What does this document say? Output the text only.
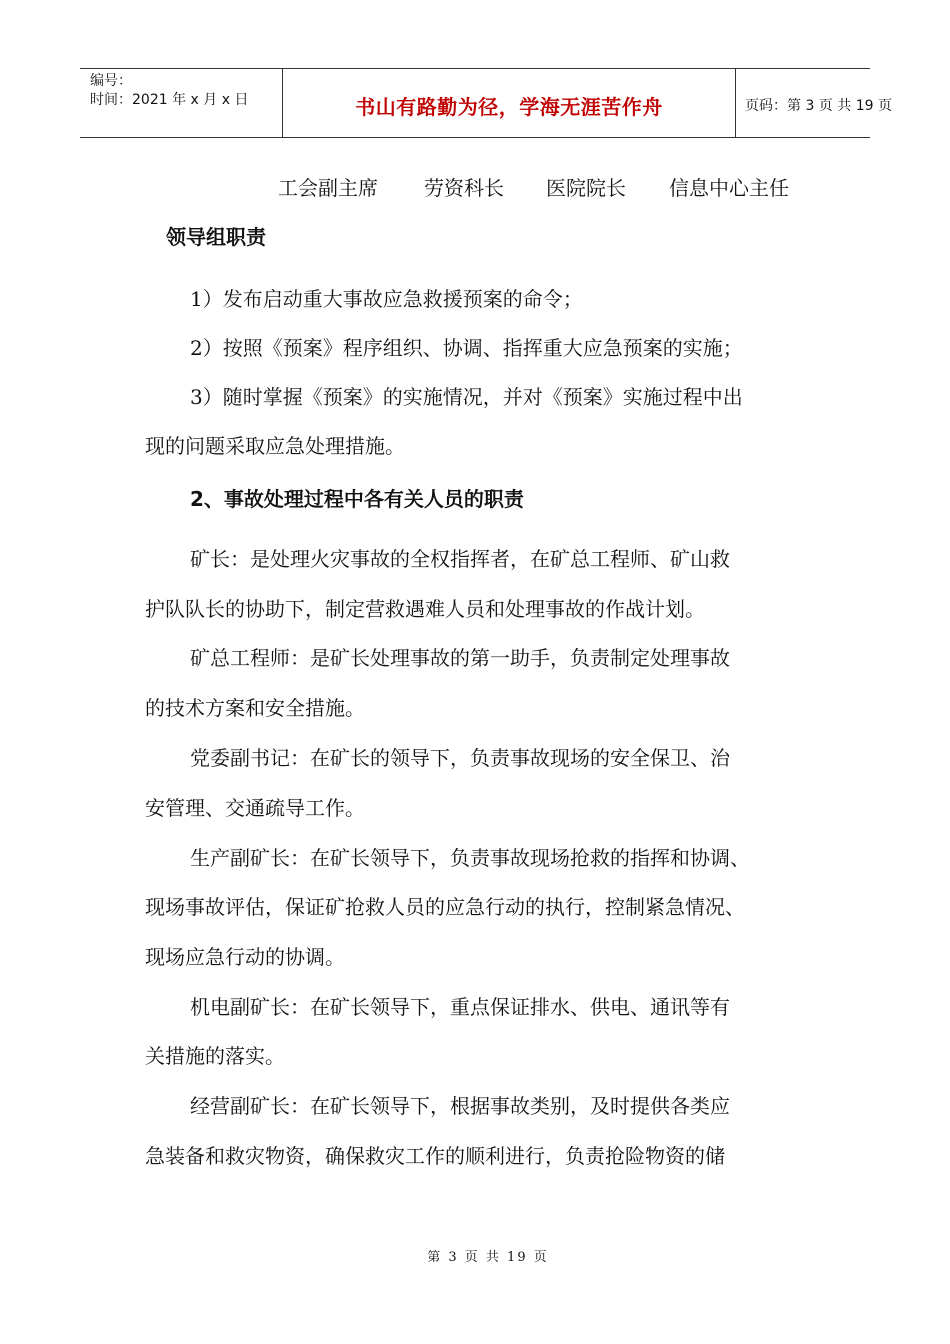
编号：
时间：2021 年 x 月 x 日	书山有路勤为径，学海无涯苦作舟	页码：第 3 页 共 19 页
工会副主席 劳资科长 医院院长 信息中心主任
领导组职责
1）发布启动重大事故应急救援预案的命令；
2）按照《预案》程序组织、协调、指挥重大应急预案的实施；
3）随时掌握《预案》的实施情况，并对《预案》实施过程中出
现的问题采取应急处理措施。
2、事故处理过程中各有关人员的职责
矿长：是处理火灾事故的全权指挥者，在矿总工程师、矿山救
护队队长的协助下，制定营救遇难人员和处理事故的作战计划。
矿总工程师：是矿长处理事故的第一助手，负责制定处理事故
的技术方案和安全措施。
党委副书记：在矿长的领导下，负责事故现场的安全保卫、治
安管理、交通疏导工作。
生产副矿长：在矿长领导下，负责事故现场抢救的指挥和协调、
现场事故评估，保证矿抢救人员的应急行动的执行，控制紧急情况、
现场应急行动的协调。
机电副矿长：在矿长领导下，重点保证排水、供电、通讯等有
关措施的落实。
经营副矿长：在矿长领导下，根据事故类别，及时提供各类应
急装备和救灾物资，确保救灾工作的顺利进行，负责抢险物资的储
第 3 页 共 19 页
